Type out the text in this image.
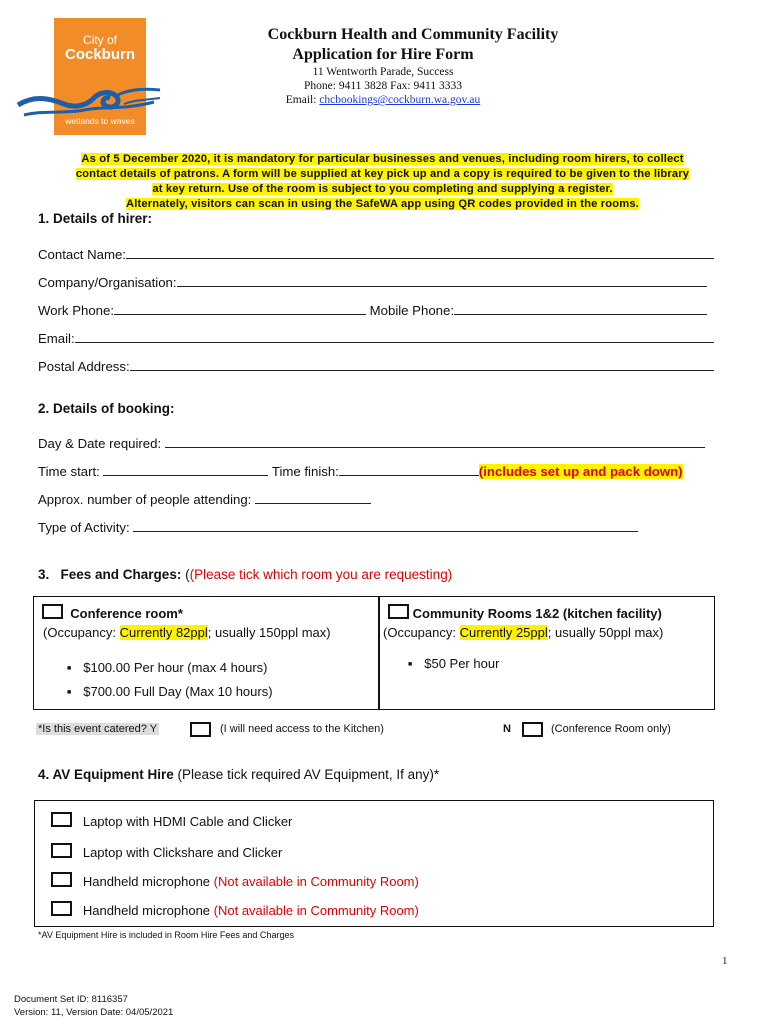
City of
Cockburn
wetlands to waves
Cockburn Health and Community Facility
Application for Hire Form
11 Wentworth Parade, Success
Phone: 9411 3828 Fax: 9411 3333
Email: chcbookings@cockburn.wa.gov.au
As of 5 December 2020, it is mandatory for particular businesses and venues, including room hirers, to collect
contact details of patrons. A form will be supplied at key pick up and a copy is required to be given to the library
at key return. Use of the room is subject to you completing and supplying a register.
Alternately, visitors can scan in using the SafeWA app using QR codes provided in the rooms.
1. Details of hirer:
Contact Name:
Company/Organisation:
Work Phone:	Mobile Phone:
Email:
Postal Address:
2. Details of booking:
Day & Date required:
Time start:	Time finish:	(includes set up and pack down)
Approx. number of people attending:
Type of Activity:
3. Fees and Charges: ((Please tick which room you are requesting)
Conference room*
(Occupancy: Currently 82ppl; usually 150ppl max)
■ $100.00 Per hour (max 4 hours)
■ $700.00 Full Day (Max 10 hours)
Community Rooms 1&2 (kitchen facility)
(Occupancy: Currently 25ppl; usually 50ppl max)
■ $50 Per hour
*Is this event catered? Y	(I will need access to the Kitchen)	N	(Conference Room only)
4. AV Equipment Hire (Please tick required AV Equipment, If any)*
Laptop with HDMI Cable and Clicker
Laptop with Clickshare and Clicker
Handheld microphone (Not available in Community Room)
Handheld microphone (Not available in Community Room)
*AV Equipment Hire is included in Room Hire Fees and Charges
1
Document Set ID: 8116357
Version: 11, Version Date: 04/05/2021
